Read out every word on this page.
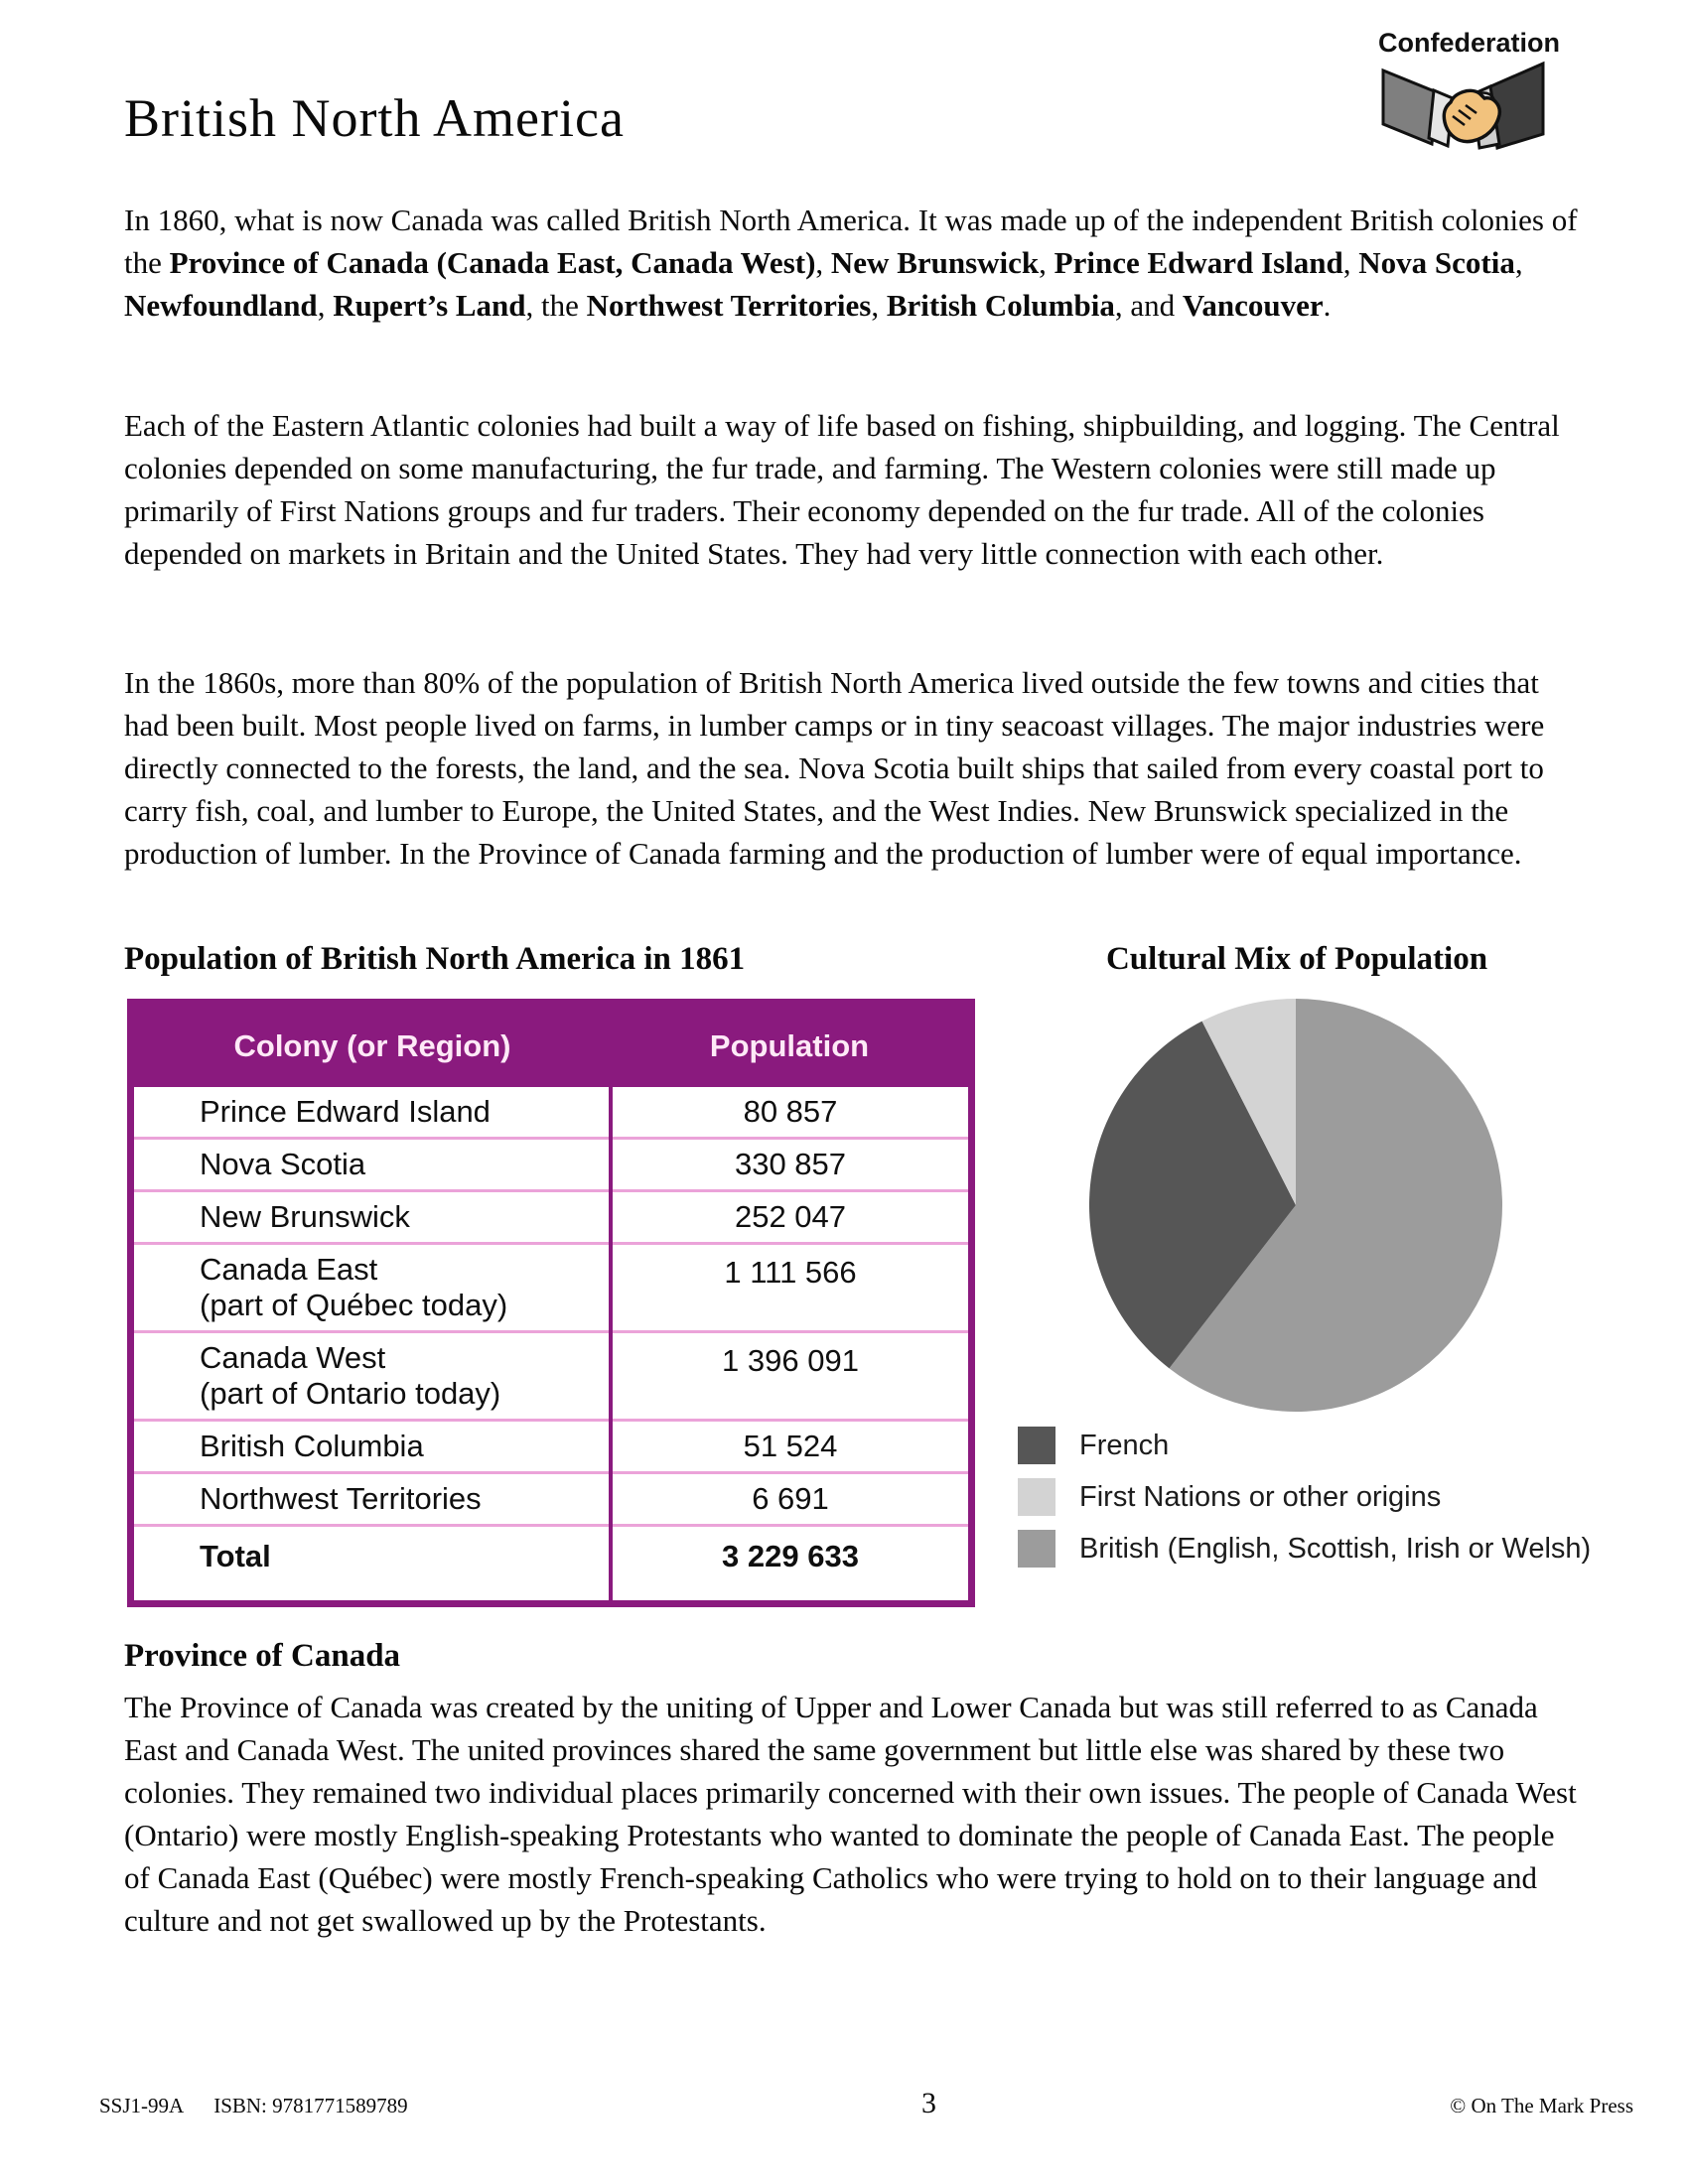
British North America
Confederation

In 1860, what is now Canada was called British North America. It was made up of the independent British colonies of the Province of Canada (Canada East, Canada West), New Brunswick, Prince Edward Island, Nova Scotia, Newfoundland, Rupert’s Land, the Northwest Territories, British Columbia, and Vancouver.

Each of the Eastern Atlantic colonies had built a way of life based on fishing, shipbuilding, and logging. The Central colonies depended on some manufacturing, the fur trade, and farming. The Western colonies were still made up primarily of First Nations groups and fur traders. Their economy depended on the fur trade. All of the colonies depended on markets in Britain and the United States. They had very little connection with each other.

In the 1860s, more than 80% of the population of British North America lived outside the few towns and cities that had been built. Most people lived on farms, in lumber camps or in tiny seacoast villages. The major industries were directly connected to the forests, the land, and the sea. Nova Scotia built ships that sailed from every coastal port to carry fish, coal, and lumber to Europe, the United States, and the West Indies. New Brunswick specialized in the production of lumber. In the Province of Canada farming and the production of lumber were of equal importance.

Population of British North America in 1861	Cultural Mix of Population
Colony (or Region)	Population

Prince Edward Island	80 857

Nova Scotia	330 857

New Brunswick	252 047

Canada East
(part of Québec today)	1 111 566

Canada West
(part of Ontario today)	1 396 091

British Columbia	51 524

Northwest Territories	6 691

Total	3 229 633
French
First Nations or other origins
British (English, Scottish, Irish or Welsh)
Province of Canada

The Province of Canada was created by the uniting of Upper and Lower Canada but was still referred to as Canada East and Canada West. The united provinces shared the same government but little else was shared by these two colonies. They remained two individual places primarily concerned with their own issues. The people of Canada West (Ontario) were mostly English-speaking Protestants who wanted to dominate the people of Canada East. The people of Canada East (Québec) were mostly French-speaking Catholics who were trying to hold on to their language and culture and not get swallowed up by the Protestants.

SSJ1-99A ISBN: 9781771589789	3	© On The Mark Press
